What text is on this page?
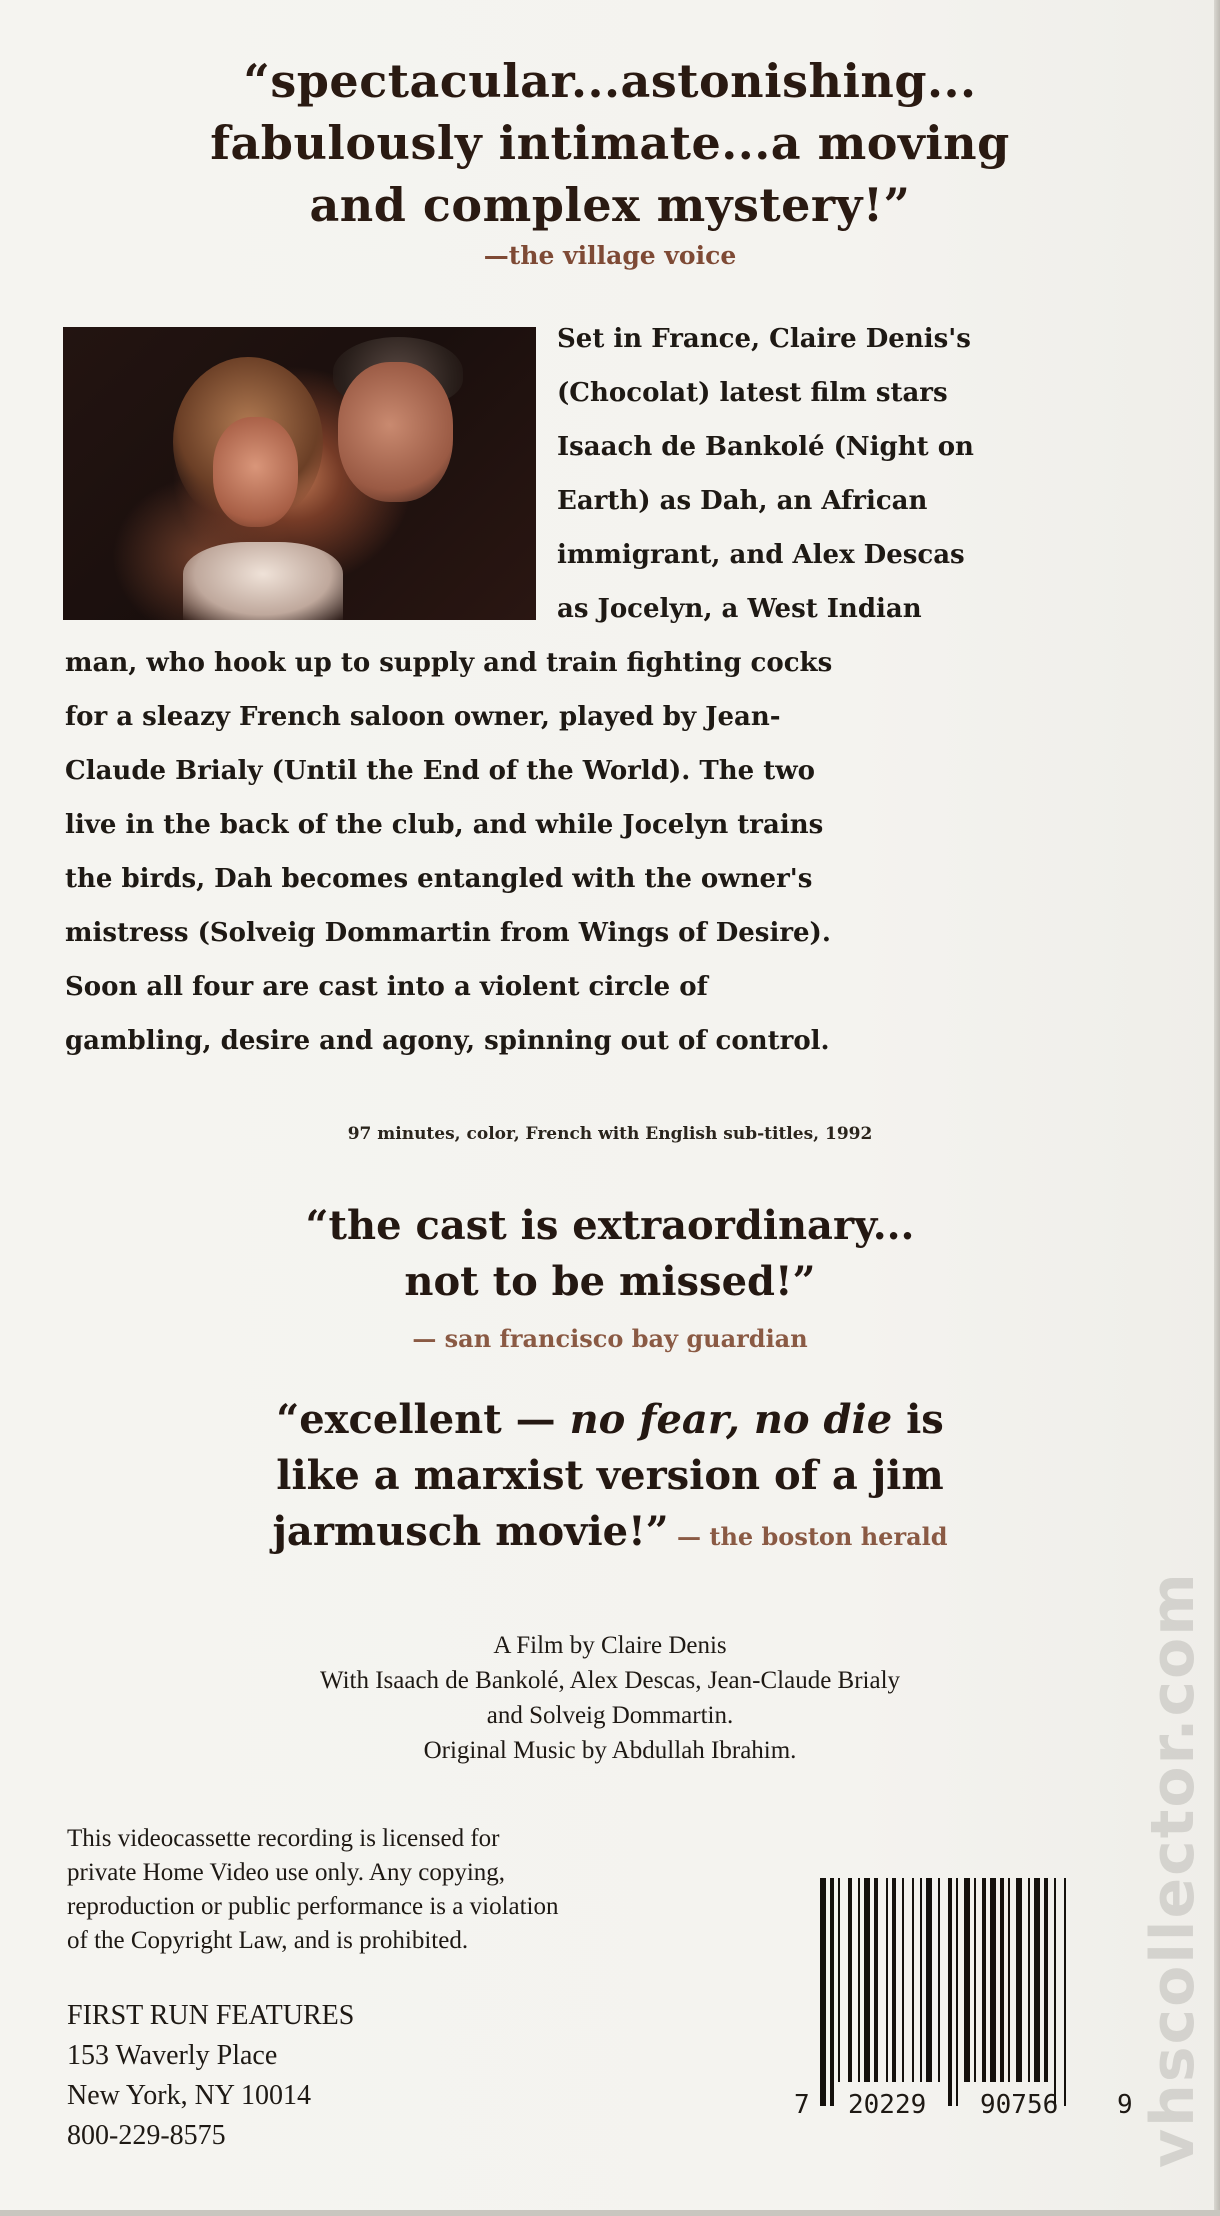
“spectacular...astonishing...
fabulously intimate...a moving
and complex mystery!”
—the village voice
Set in France, Claire Denis's
(Chocolat) latest film stars
Isaach de Bankolé (Night on
Earth) as Dah, an African
immigrant, and Alex Descas
as Jocelyn, a West Indian
man, who hook up to supply and train fighting cocks
for a sleazy French saloon owner, played by Jean-
Claude Brialy (Until the End of the World). The two
live in the back of the club, and while Jocelyn trains
the birds, Dah becomes entangled with the owner's
mistress (Solveig Dommartin from Wings of Desire).
Soon all four are cast into a violent circle of
gambling, desire and agony, spinning out of control.
97 minutes, color, French with English sub-titles, 1992
“the cast is extraordinary...
not to be missed!”
— san francisco bay guardian
“excellent — no fear, no die is
like a marxist version of a jim
jarmusch movie!” — the boston herald
A Film by Claire Denis
With Isaach de Bankolé, Alex Descas, Jean-Claude Brialy
and Solveig Dommartin.
Original Music by Abdullah Ibrahim.
This videocassette recording is licensed for
private Home Video use only. Any copying,
reproduction or public performance is a violation
of the Copyright Law, and is prohibited.
FIRST RUN FEATURES
153 Waverly Place
New York, NY 10014
800-229-8575
7 20229 90756 9 vhscollector.com
